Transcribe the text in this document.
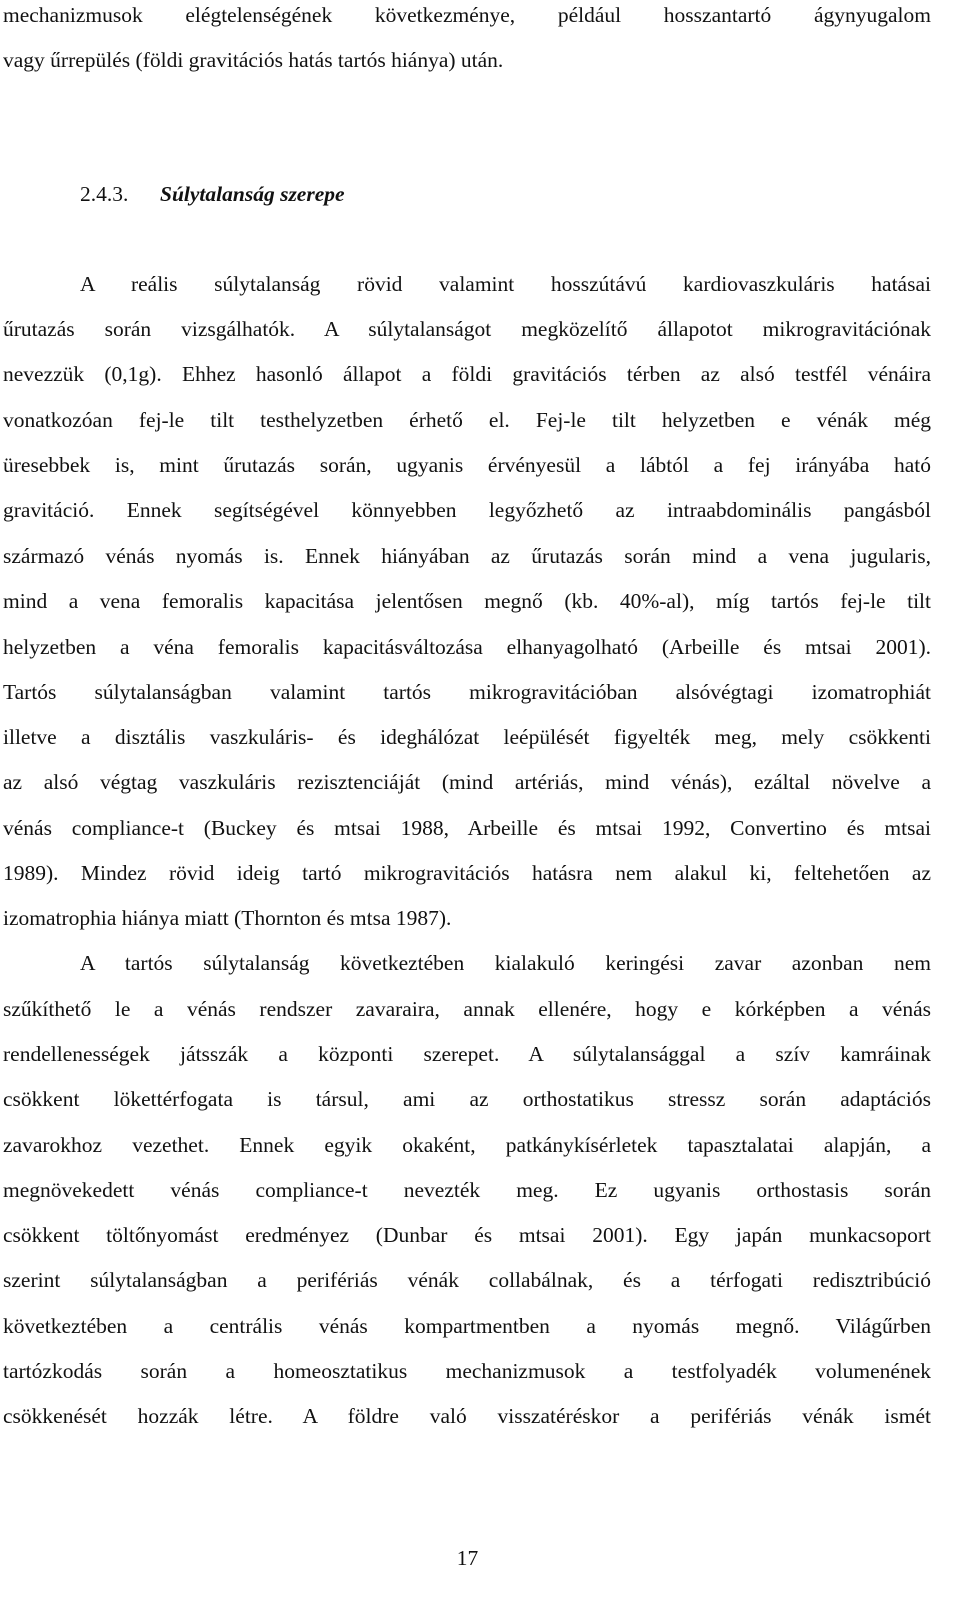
mechanizmusok elégtelenségének következménye, például hosszantartó ágynyugalom
vagy űrrepülés (földi gravitációs hatás tartós hiánya) után.
2.4.3. Súlytalanság szerepe
A reális súlytalanság rövid valamint hosszútávú kardiovaszkuláris hatásai
űrutazás során vizsgálhatók. A súlytalanságot megközelítő állapotot mikrogravitációnak
nevezzük (0,1g). Ehhez hasonló állapot a földi gravitációs térben az alsó testfél vénáira
vonatkozóan fej-le tilt testhelyzetben érhető el. Fej-le tilt helyzetben e vénák még
üresebbek is, mint űrutazás során, ugyanis érvényesül a lábtól a fej irányába ható
gravitáció. Ennek segítségével könnyebben legyőzhető az intraabdominális pangásból
származó vénás nyomás is. Ennek hiányában az űrutazás során mind a vena jugularis,
mind a vena femoralis kapacitása jelentősen megnő (kb. 40%-al), míg tartós fej-le tilt
helyzetben a véna femoralis kapacitásváltozása elhanyagolható (Arbeille és mtsai 2001).
Tartós súlytalanságban valamint tartós mikrogravitációban alsóvégtagi izomatrophiát
illetve a disztális vaszkuláris- és ideghálózat leépülését figyelték meg, mely csökkenti
az alsó végtag vaszkuláris rezisztenciáját (mind artériás, mind vénás), ezáltal növelve a
vénás compliance-t (Buckey és mtsai 1988, Arbeille és mtsai 1992, Convertino és mtsai
1989). Mindez rövid ideig tartó mikrogravitációs hatásra nem alakul ki, feltehetően az
izomatrophia hiánya miatt (Thornton és mtsa 1987).
A tartós súlytalanság következtében kialakuló keringési zavar azonban nem
szűkíthető le a vénás rendszer zavaraira, annak ellenére, hogy e kórképben a vénás
rendellenességek játsszák a központi szerepet. A súlytalansággal a szív kamráinak
csökkent lökettérfogata is társul, ami az orthostatikus stressz során adaptációs
zavarokhoz vezethet. Ennek egyik okaként, patkánykísérletek tapasztalatai alapján, a
megnövekedett vénás compliance-t nevezték meg. Ez ugyanis orthostasis során
csökkent töltőnyomást eredményez (Dunbar és mtsai 2001). Egy japán munkacsoport
szerint súlytalanságban a perifériás vénák collabálnak, és a térfogati redisztribúció
következtében a centrális vénás kompartmentben a nyomás megnő. Világűrben
tartózkodás során a homeosztatikus mechanizmusok a testfolyadék volumenének
csökkenését hozzák létre. A földre való visszatéréskor a perifériás vénák ismét
17
